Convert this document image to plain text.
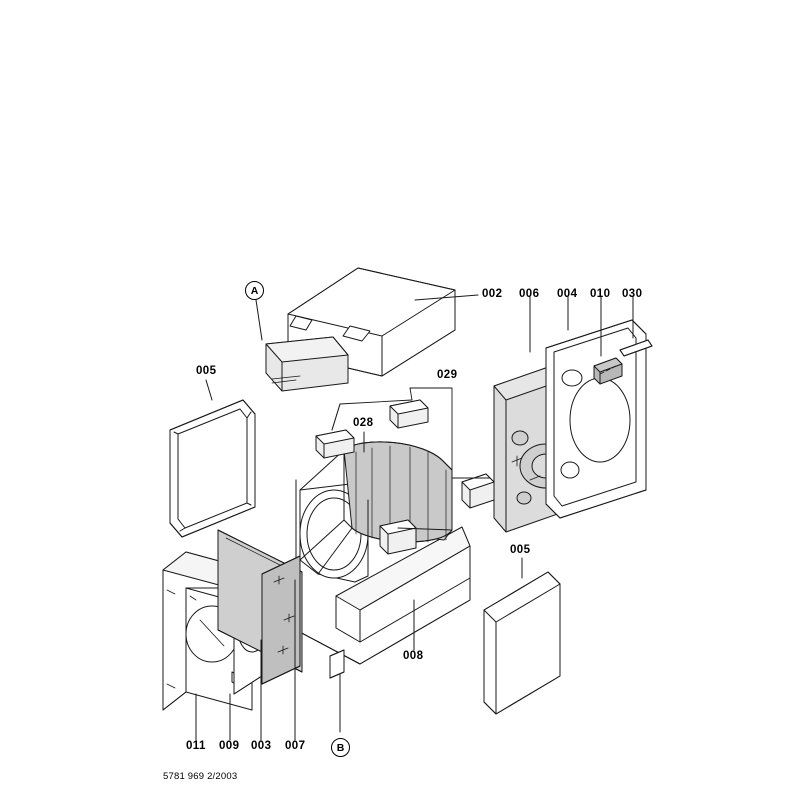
002 006 004 010 030
005	029
028
005
008
011 009 003 007
A
B
5781 969 2/2003
